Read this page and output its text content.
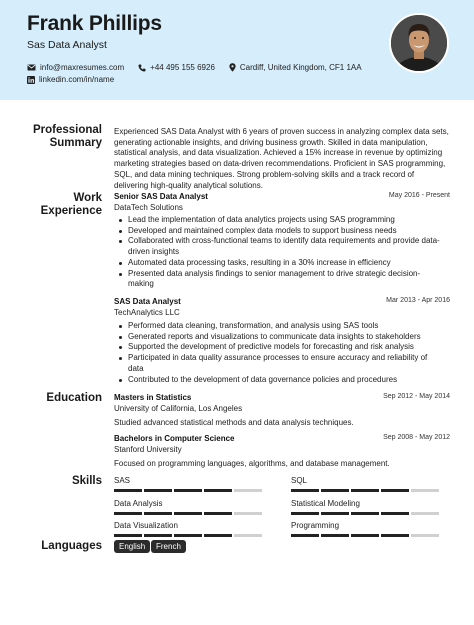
Frank Phillips
Sas Data Analyst
info@maxresumes.com	+44 495 155 6926	Cardiff, United Kingdom, CF1 1AA
linkedin.com/in/name
Professional
Summary
Experienced SAS Data Analyst with 6 years of proven success in analyzing complex data sets, generating actionable insights, and driving business growth. Skilled in data manipulation, statistical analysis, and data visualization. Achieved a 15% increase in revenue by optimizing marketing strategies based on data-driven recommendations. Proficient in SAS programming, SQL, and data mining techniques. Strong problem-solving skills and a track record of delivering high-quality analytical solutions.
Work
Experience
Senior SAS Data Analyst	May 2016 - Present
DataTech Solutions
Lead the implementation of data analytics projects using SAS programming
Developed and maintained complex data models to support business needs
Collaborated with cross-functional teams to identify data requirements and provide data-driven insights
Automated data processing tasks, resulting in a 30% increase in efficiency
Presented data analysis findings to senior management to drive strategic decision-making
SAS Data Analyst	Mar 2013 - Apr 2016
TechAnalytics LLC
Performed data cleaning, transformation, and analysis using SAS tools
Generated reports and visualizations to communicate data insights to stakeholders
Supported the development of predictive models for forecasting and risk analysis
Participated in data quality assurance processes to ensure accuracy and reliability of data
Contributed to the development of data governance policies and procedures
Education Masters in Statistics	Sep 2012 - May 2014
University of California, Los Angeles
Studied advanced statistical methods and data analysis techniques.
Bachelors in Computer Science	Sep 2008 - May 2012
Stanford University
Focused on programming languages, algorithms, and database management.
Skills SAS	SQL
Data Analysis	Statistical Modeling
Data Visualization	Programming
Languages	English	French
